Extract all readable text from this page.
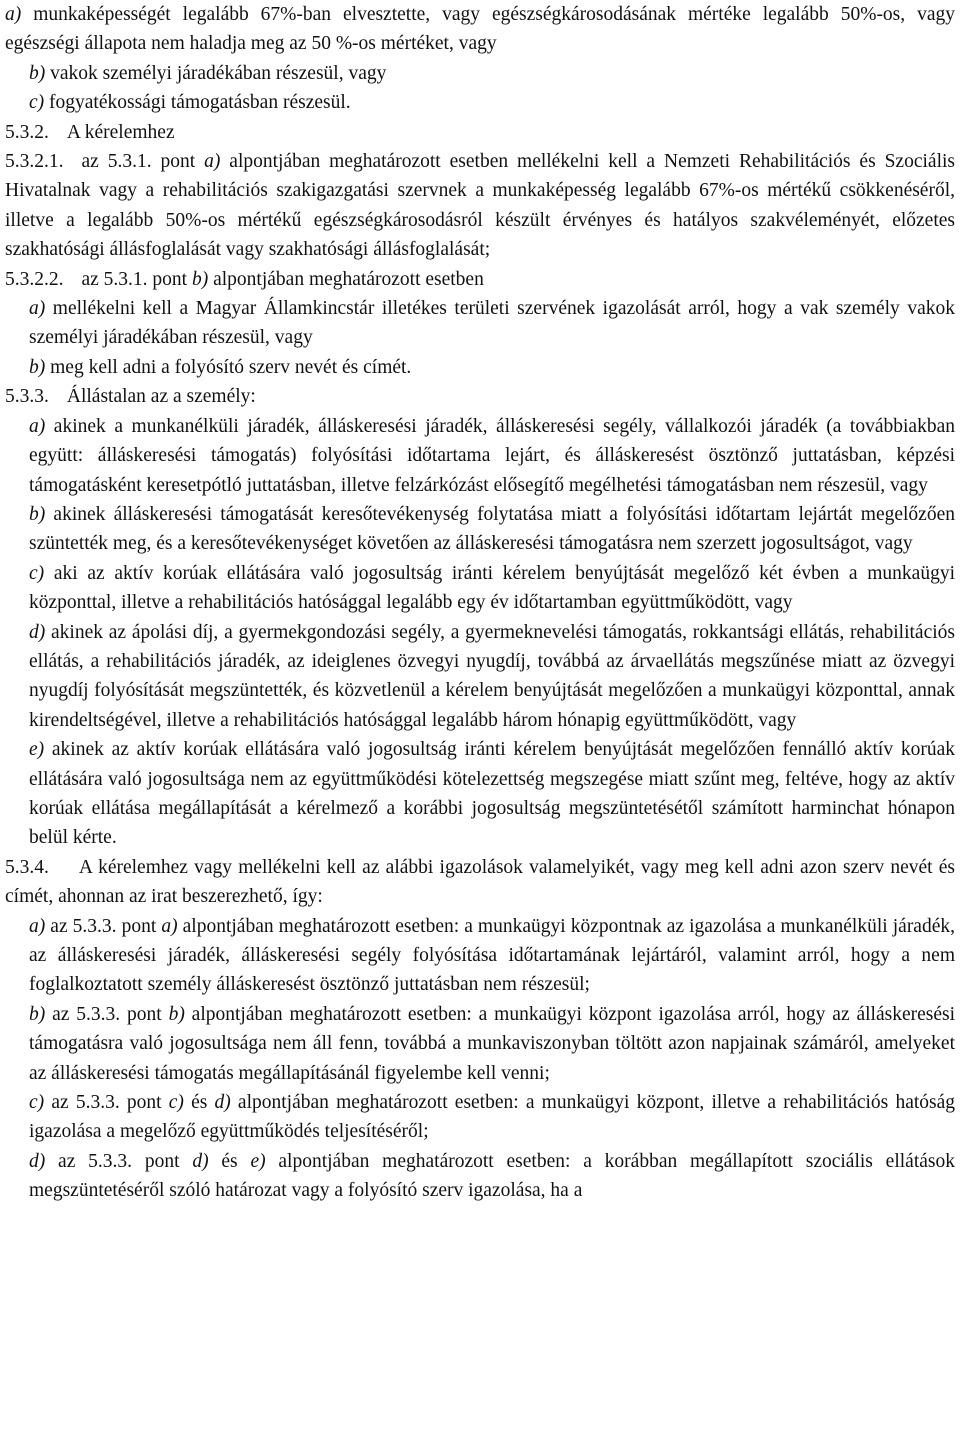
a) munkaképességét legalább 67%-ban elvesztette, vagy egészségkárosodásának mértéke legalább 50%-os, vagy egészségi állapota nem haladja meg az 50 %-os mértéket, vagy

b) vakok személyi járadékában részesül, vagy

c) fogyatékossági támogatásban részesül.

5.3.2. A kérelemhez

5.3.2.1. az 5.3.1. pont a) alpontjában meghatározott esetben mellékelni kell a Nemzeti Rehabilitációs és Szociális Hivatalnak vagy a rehabilitációs szakigazgatási szervnek a munkaképesség legalább 67%-os mértékű csökkenéséről, illetve a legalább 50%-os mértékű egészségkárosodásról készült érvényes és hatályos szakvéleményét, előzetes szakhatósági állásfoglalását vagy szakhatósági állásfoglalását;

5.3.2.2. az 5.3.1. pont b) alpontjában meghatározott esetben

a) mellékelni kell a Magyar Államkincstár illetékes területi szervének igazolását arról, hogy a vak személy vakok személyi járadékában részesül, vagy

b) meg kell adni a folyósító szerv nevét és címét.

5.3.3. Állástalan az a személy:

a) akinek a munkanélküli járadék, álláskeresési járadék, álláskeresési segély, vállalkozói járadék (a továbbiakban együtt: álláskeresési támogatás) folyósítási időtartama lejárt, és álláskeresést ösztönző juttatásban, képzési támogatásként keresetpótló juttatásban, illetve felzárkózást elősegítő megélhetési támogatásban nem részesül, vagy

b) akinek álláskeresési támogatását keresőtevékenység folytatása miatt a folyósítási időtartam lejártát megelőzően szüntették meg, és a keresőtevékenységet követően az álláskeresési támogatásra nem szerzett jogosultságot, vagy

c) aki az aktív korúak ellátására való jogosultság iránti kérelem benyújtását megelőző két évben a munkaügyi központtal, illetve a rehabilitációs hatósággal legalább egy év időtartamban együttműködött, vagy

d) akinek az ápolási díj, a gyermekgondozási segély, a gyermeknevelési támogatás, rokkantsági ellátás, rehabilitációs ellátás, a rehabilitációs járadék, az ideiglenes özvegyi nyugdíj, továbbá az árvaellátás megszűnése miatt az özvegyi nyugdíj folyósítását megszüntették, és közvetlenül a kérelem benyújtását megelőzően a munkaügyi központtal, annak kirendeltségével, illetve a rehabilitációs hatósággal legalább három hónapig együttműködött, vagy

e) akinek az aktív korúak ellátására való jogosultság iránti kérelem benyújtását megelőzően fennálló aktív korúak ellátására való jogosultsága nem az együttműködési kötelezettség megszegése miatt szűnt meg, feltéve, hogy az aktív korúak ellátása megállapítását a kérelmező a korábbi jogosultság megszüntetésétől számított harminchat hónapon belül kérte.

5.3.4. A kérelemhez vagy mellékelni kell az alábbi igazolások valamelyikét, vagy meg kell adni azon szerv nevét és címét, ahonnan az irat beszerezhető, így:

a) az 5.3.3. pont a) alpontjában meghatározott esetben: a munkaügyi központnak az igazolása a munkanélküli járadék, az álláskeresési járadék, álláskeresési segély folyósítása időtartamának lejártáról, valamint arról, hogy a nem foglalkoztatott személy álláskeresést ösztönző juttatásban nem részesül;

b) az 5.3.3. pont b) alpontjában meghatározott esetben: a munkaügyi központ igazolása arról, hogy az álláskeresési támogatásra való jogosultsága nem áll fenn, továbbá a munkaviszonyban töltött azon napjainak számáról, amelyeket az álláskeresési támogatás megállapításánál figyelembe kell venni;

c) az 5.3.3. pont c) és d) alpontjában meghatározott esetben: a munkaügyi központ, illetve a rehabilitációs hatóság igazolása a megelőző együttműködés teljesítéséről;

d) az 5.3.3. pont d) és e) alpontjában meghatározott esetben: a korábban megállapított szociális ellátások megszüntetéséről szóló határozat vagy a folyósító szerv igazolása, ha a
